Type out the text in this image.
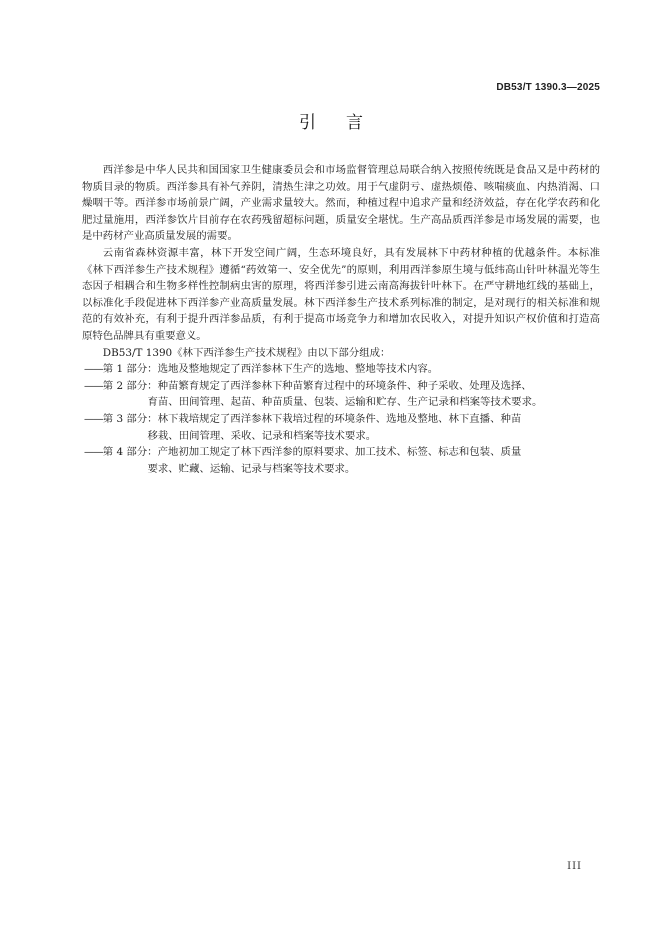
DB53/T 1390.3—2025
引言

西洋参是中华人民共和国国家卫生健康委员会和市场监督管理总局联合纳入按照传统既是食品又是中药材的物质目录的物质。西洋参具有补气养阴，清热生津之功效。用于气虚阴亏、虚热烦倦、咳喘痰血、内热消渴、口燥咽干等。西洋参市场前景广阔，产业需求量较大。然而，种植过程中追求产量和经济效益，存在化学农药和化肥过量施用，西洋参饮片目前存在农药残留超标问题，质量安全堪忧。生产高品质西洋参是市场发展的需要，也是中药材产业高质量发展的需要。

云南省森林资源丰富，林下开发空间广阔，生态环境良好，具有发展林下中药材种植的优越条件。本标准《林下西洋参生产技术规程》遵循“药效第一、安全优先”的原则，利用西洋参原生境与低纬高山针叶林温光等生态因子相耦合和生物多样性控制病虫害的原理，将西洋参引进云南高海拔针叶林下。在严守耕地红线的基础上，以标准化手段促进林下西洋参产业高质量发展。林下西洋参生产技术系列标准的制定，是对现行的相关标准和规范的有效补充，有利于提升西洋参品质，有利于提高市场竞争力和增加农民收入，对提升知识产权价值和打造高原特色品牌具有重要意义。

DB53/T 1390《林下西洋参生产技术规程》由以下部分组成：

——第 1 部分：选地及整地规定了西洋参林下生产的选地、整地等技术内容。
——第 2 部分：种苗繁育规定了西洋参林下种苗繁育过程中的环境条件、种子采收、处理及选择、
育苗、田间管理、起苗、种苗质量、包装、运输和贮存、生产记录和档案等技术要求。
——第 3 部分：林下栽培规定了西洋参林下栽培过程的环境条件、选地及整地、林下直播、种苗
移栽、田间管理、采收、记录和档案等技术要求。
——第 4 部分：产地初加工规定了林下西洋参的原料要求、加工技术、标签、标志和包装、质量
要求、贮藏、运输、记录与档案等技术要求。
III
